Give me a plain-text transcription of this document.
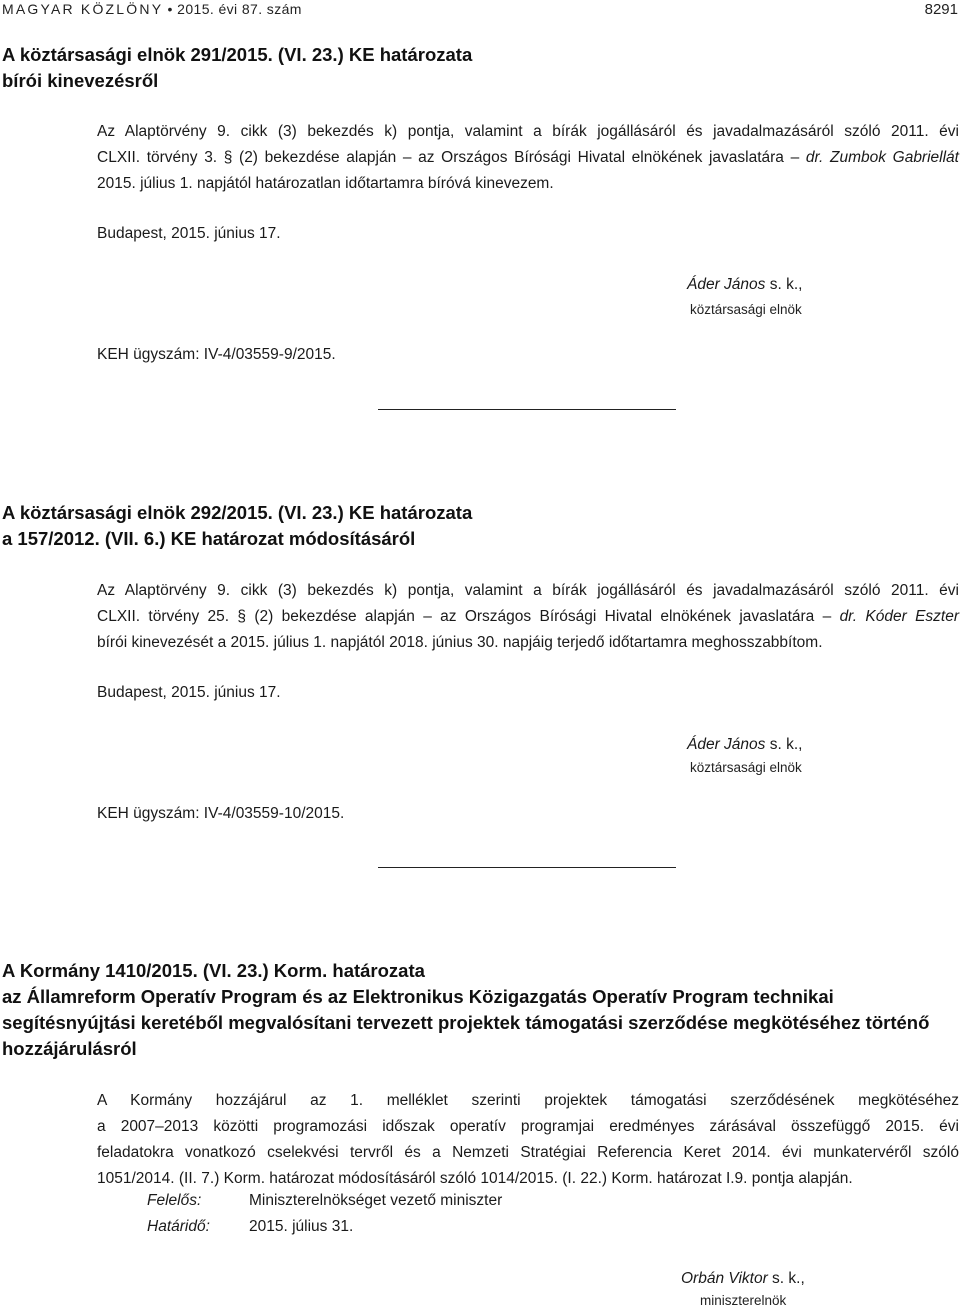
MAGYAR KÖZLÖNY • 2015. évi 87. szám	8291
A köztársasági elnök 291/2015. (VI. 23.) KE határozata
bírói kinevezésről
Az Alaptörvény 9. cikk (3) bekezdés k) pontja, valamint a bírák jogállásáról és javadalmazásáról szóló 2011. évi
CLXII. törvény 3. § (2) bekezdése alapján – az Országos Bírósági Hivatal elnökének javaslatára – dr. Zumbok Gabriellát
2015. július 1. napjától határozatlan időtartamra bíróvá kinevezem.
Budapest, 2015. június 17.
Áder János s. k.,
köztársasági elnök
KEH ügyszám: IV-4/03559-9/2015.
A köztársasági elnök 292/2015. (VI. 23.) KE határozata
a 157/2012. (VII. 6.) KE határozat módosításáról
Az Alaptörvény 9. cikk (3) bekezdés k) pontja, valamint a bírák jogállásáról és javadalmazásáról szóló 2011. évi
CLXII. törvény 25. § (2) bekezdése alapján – az Országos Bírósági Hivatal elnökének javaslatára – dr. Kóder Eszter
bírói kinevezését a 2015. július 1. napjától 2018. június 30. napjáig terjedő időtartamra meghosszabbítom.
Budapest, 2015. június 17.
Áder János s. k.,
köztársasági elnök
KEH ügyszám: IV-4/03559-10/2015.
A Kormány 1410/2015. (VI. 23.) Korm. határozata
az Államreform Operatív Program és az Elektronikus Közigazgatás Operatív Program technikai
segítésnyújtási keretéből megvalósítani tervezett projektek támogatási szerződése megkötéséhez történő
hozzájárulásról
A Kormány hozzájárul az 1. melléklet szerinti projektek támogatási szerződésének megkötéséhez
a 2007–2013 közötti programozási időszak operatív programjai eredményes zárásával összefüggő 2015. évi
feladatokra vonatkozó cselekvési tervről és a Nemzeti Stratégiai Referencia Keret 2014. évi munkatervéről szóló
1051/2014. (II. 7.) Korm. határozat módosításáról szóló 1014/2015. (I. 22.) Korm. határozat I.9. pontja alapján.
Felelős:	Miniszterelnökséget vezető miniszter
Határidő:	2015. július 31.
Orbán Viktor s. k.,
miniszterelnök
